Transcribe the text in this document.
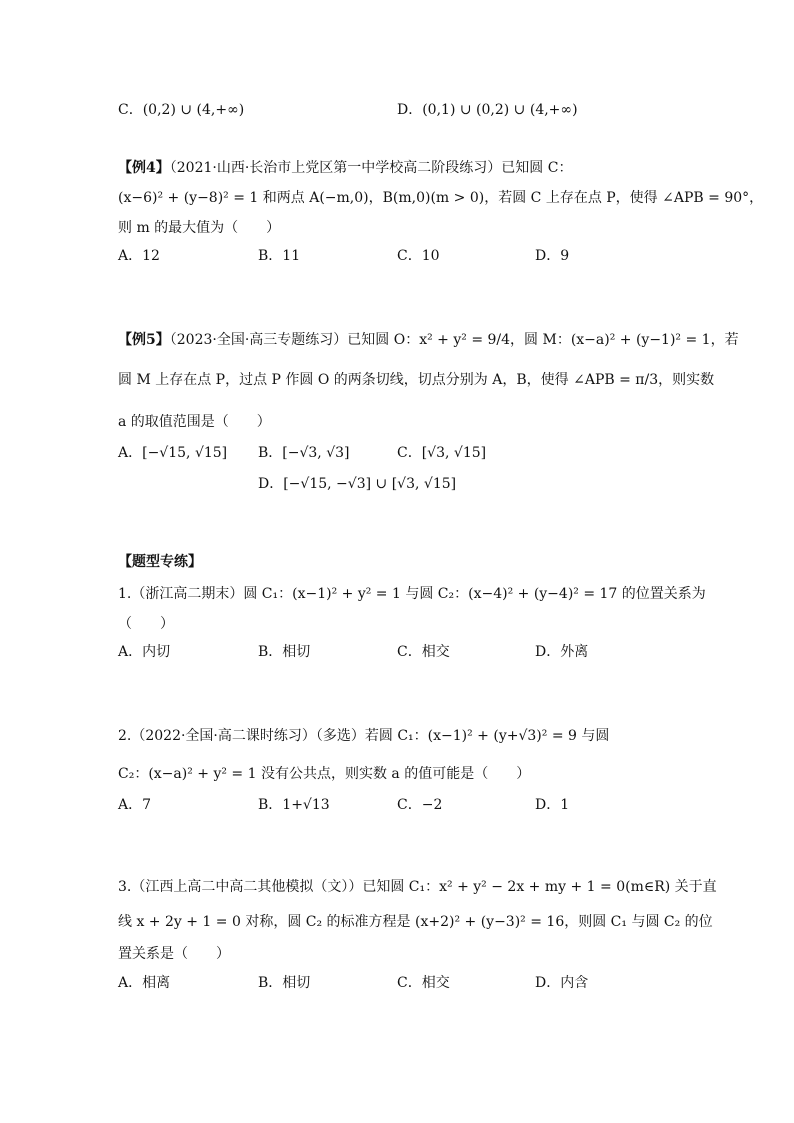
C．(0,2) ∪ (4,+∞)	D．(0,1) ∪ (0,2) ∪ (4,+∞)
【例4】（2021·山西·长治市上党区第一中学校高二阶段练习）已知圆 C：
(x−6)² + (y−8)² = 1 和两点 A(−m,0)，B(m,0)(m > 0)，若圆 C 上存在点 P，使得 ∠APB = 90°，
则 m 的最大值为（　　）
A．12	B．11	C．10	D．9
【例5】（2023·全国·高三专题练习）已知圆 O：x² + y² = 9/4，圆 M：(x−a)² + (y−1)² = 1，若
圆 M 上存在点 P，过点 P 作圆 O 的两条切线，切点分别为 A，B，使得 ∠APB = π/3，则实数
a 的取值范围是（　　）
A．[−√15, √15] B．[−√3, √3]	C．[√3, √15]
D．[−√15, −√3] ∪ [√3, √15]
【题型专练】
1.（浙江高二期末）圆 C₁：(x−1)² + y² = 1 与圆 C₂：(x−4)² + (y−4)² = 17 的位置关系为
（　　）
A．内切	B．相切	C．相交	D．外离
2.（2022·全国·高二课时练习）（多选）若圆 C₁：(x−1)² + (y+√3)² = 9 与圆
C₂：(x−a)² + y² = 1 没有公共点，则实数 a 的值可能是（　　）
A．7	B．1+√13	C．−2	D．1
3.（江西上高二中高二其他模拟（文））已知圆 C₁：x² + y² − 2x + my + 1 = 0(m∈R) 关于直
线 x + 2y + 1 = 0 对称，圆 C₂ 的标准方程是 (x+2)² + (y−3)² = 16，则圆 C₁ 与圆 C₂ 的位
置关系是（　　）
A．相离	B．相切	C．相交	D．内含
